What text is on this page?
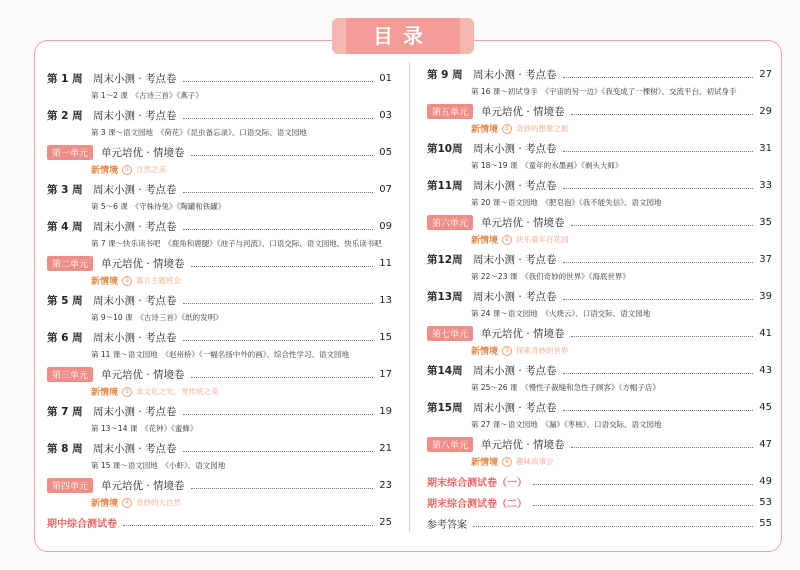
目录
第 1 周 周末小测 · 考点卷	01
第 1～2 课　《古诗三首》《燕子》
第 2 周 周末小测 · 考点卷	03
第 3 课～语文园地　《荷花》《昆虫备忘录》、口语交际、语文园地
第一单元	单元培优 · 情境卷	05
新情境	① 自然之美
第 3 周 周末小测 · 考点卷	07
第 5～6 课　《守株待兔》《陶罐和铁罐》
第 4 周 周末小测 · 考点卷	09
第 7 课～快乐读书吧　《鹿角和鹿腿》《池子与河流》、口语交际、语文园地、快乐读书吧
第二单元	单元培优 · 情境卷	11
新情境	② 寓言主题班会
第 5 周 周末小测 · 考点卷	13
第 9～10 课　《古诗三首》《纸的发明》
第 6 周 周末小测 · 考点卷	15
第 11 课～语文园地　《赵州桥》《一幅名扬中外的画》、综合性学习、语文园地
第三单元	单元培优 · 情境卷	17
新情境	③ 求文化之光，赏传统之美
第 7 周 周末小测 · 考点卷	19
第 13～14 课　《花钟》《蜜蜂》
第 8 周 周末小测 · 考点卷	21
第 15 课～语文园地　《小虾》、语文园地
第四单元	单元培优 · 情境卷	23
新情境	④ 奇妙的大自然
期中综合测试卷	25
第 9 周 周末小测 · 考点卷	27
第 16 课～初试身手　《宇宙的另一边》《我变成了一棵树》、交流平台、初试身手
第五单元	单元培优 · 情境卷	29
新情境	⑤ 奇妙的想象之旅
第10周 周末小测 · 考点卷	31
第 18～19 课　《童年的水墨画》《剃头大师》
第11周 周末小测 · 考点卷	33
第 20 课～语文园地　《肥皂泡》《我不能失信》、语文园地
第六单元	单元培优 · 情境卷	35
新情境	⑥ 快乐童年百花园
第12周 周末小测 · 考点卷	37
第 22～23 课　《我们奇妙的世界》《海底世界》
第13周 周末小测 · 考点卷	39
第 24 课～语文园地　《火烧云》、口语交际、语文园地
第七单元	单元培优 · 情境卷	41
新情境	⑦ 探索奇妙的世界
第14周 周末小测 · 考点卷	43
第 25～26 课　《慢性子裁缝和急性子顾客》《方帽子店》
第15周 周末小测 · 考点卷	45
第 27 课～语文园地　《漏》《枣核》、口语交际、语文园地
第八单元	单元培优 · 情境卷	47
新情境	⑧ 趣味故事会
期末综合测试卷（一）	49
期末综合测试卷（二）	53
参考答案	55
